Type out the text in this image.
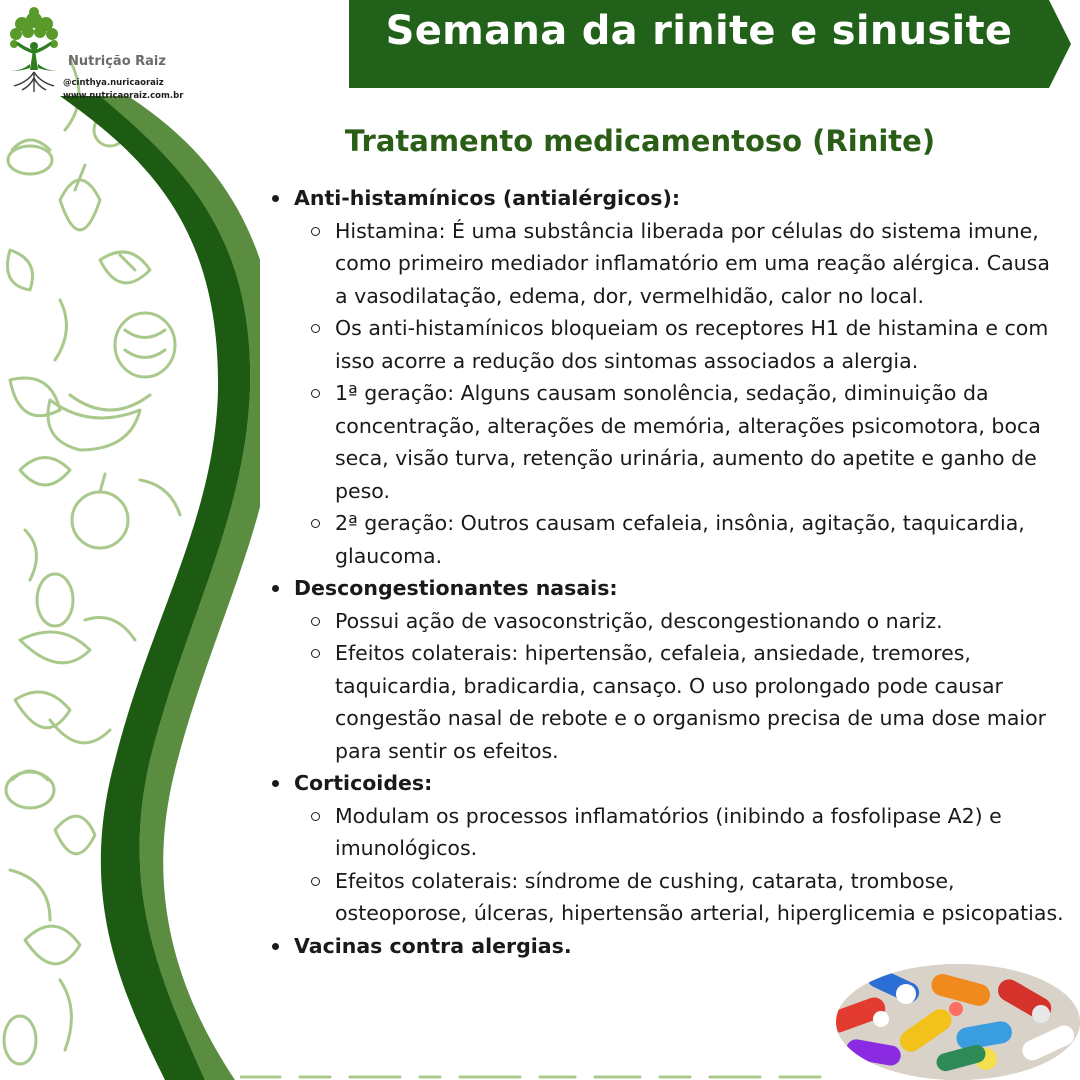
Nutrição Raiz
@cinthya.nuricaoraiz
www.nutricaoraiz.com.br
Semana da rinite e sinusite
Tratamento medicamentoso (Rinite)
Anti-histamínicos (antialérgicos):
Histamina: É uma substância liberada por células do sistema imune, como primeiro mediador inflamatório em uma reação alérgica. Causa a vasodilatação, edema, dor, vermelhidão, calor no local.
Os anti-histamínicos bloqueiam os receptores H1 de histamina e com isso acorre a redução dos sintomas associados a alergia.
1ª geração: Alguns causam sonolência, sedação, diminuição da concentração, alterações de memória, alterações psicomotora, boca seca, visão turva, retenção urinária, aumento do apetite e ganho de peso.
2ª geração: Outros causam cefaleia, insônia, agitação, taquicardia, glaucoma.
Descongestionantes nasais:
Possui ação de vasoconstrição, descongestionando o nariz.
Efeitos colaterais: hipertensão, cefaleia, ansiedade, tremores, taquicardia, bradicardia, cansaço. O uso prolongado pode causar congestão nasal de rebote e o organismo precisa de uma dose maior para sentir os efeitos.
Corticoides:
Modulam os processos inflamatórios (inibindo a fosfolipase A2) e imunológicos.
Efeitos colaterais: síndrome de cushing, catarata, trombose, osteoporose, úlceras, hipertensão arterial, hiperglicemia e psicopatias.
Vacinas contra alergias.
